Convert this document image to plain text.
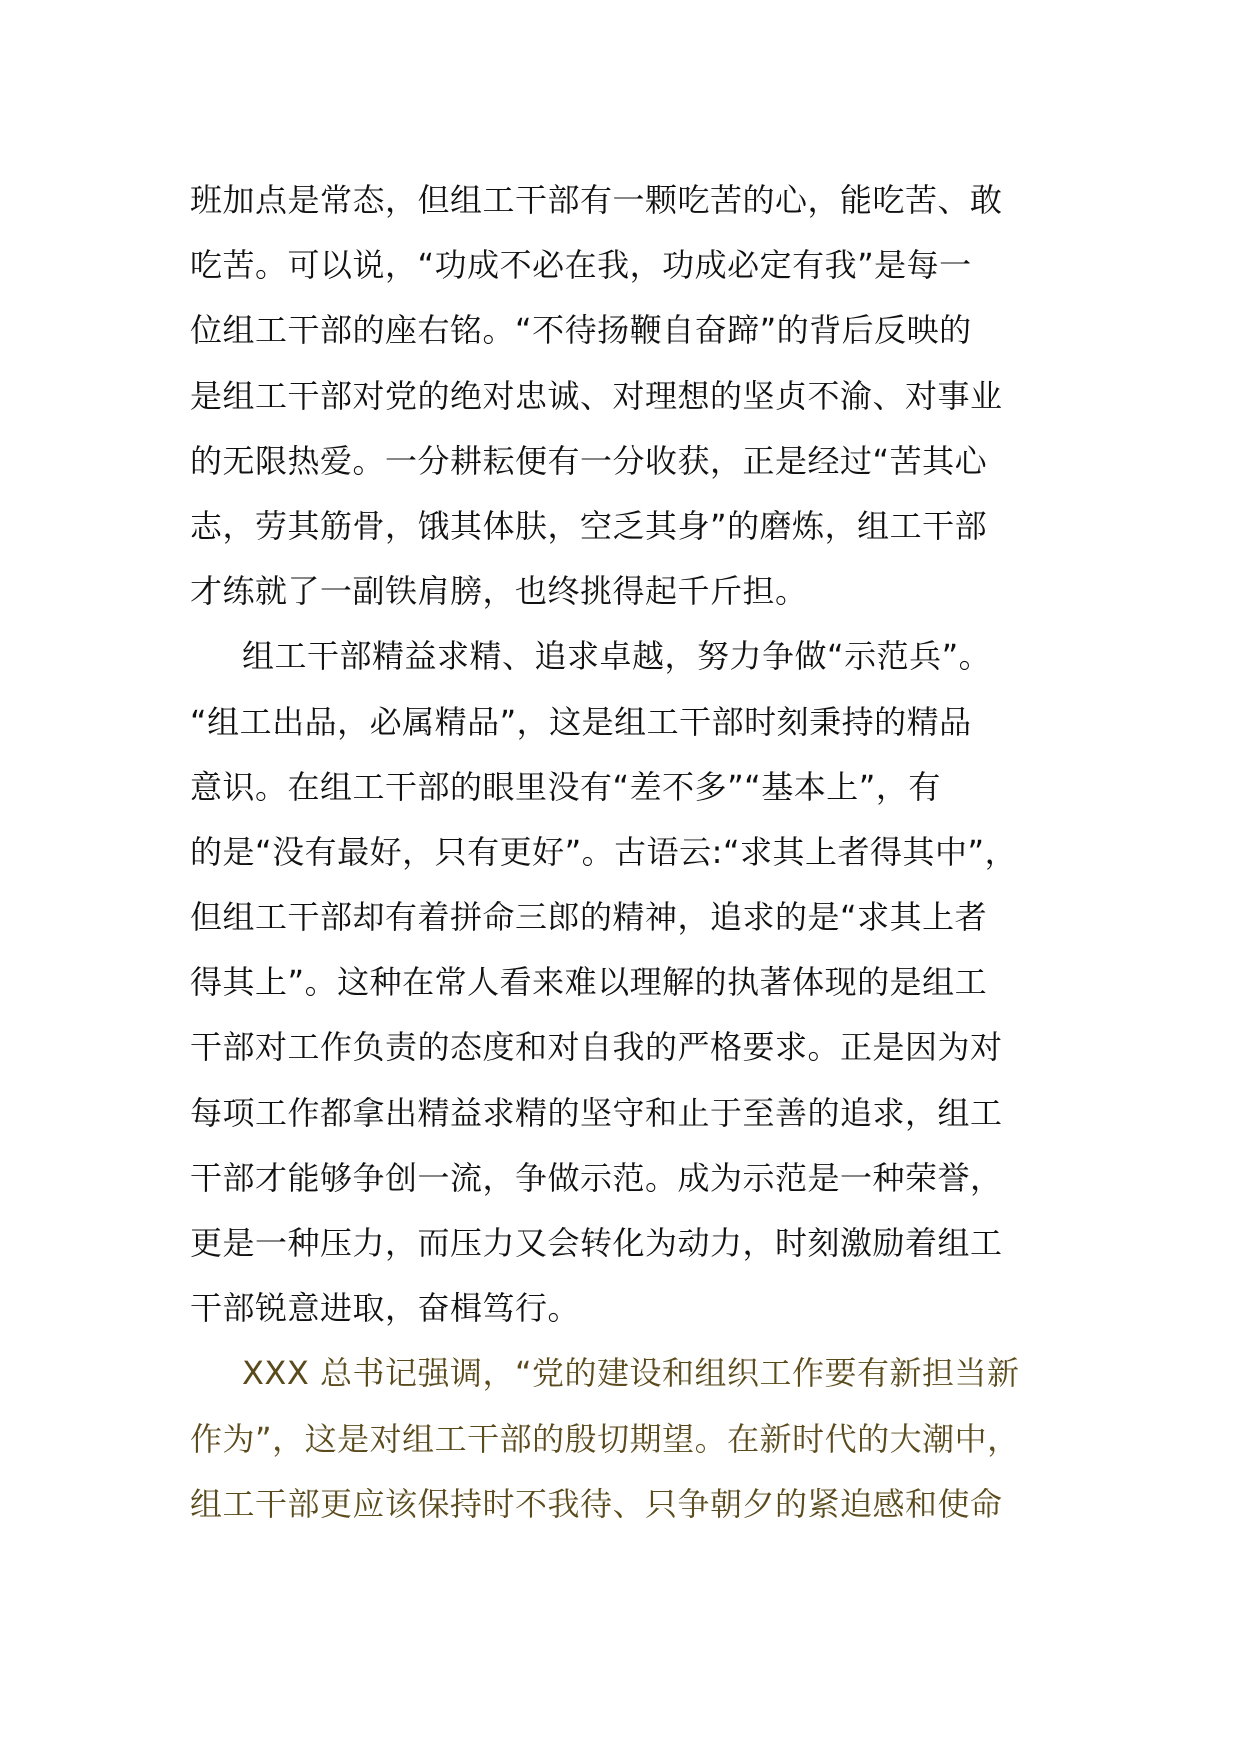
班加点是常态，但组工干部有一颗吃苦的心，能吃苦、敢
吃苦。可以说，“功成不必在我，功成必定有我”是每一
位组工干部的座右铭。“不待扬鞭自奋蹄”的背后反映的
是组工干部对党的绝对忠诚、对理想的坚贞不渝、对事业
的无限热爱。一分耕耘便有一分收获，正是经过“苦其心
志，劳其筋骨，饿其体肤，空乏其身”的磨炼，组工干部
才练就了一副铁肩膀，也终挑得起千斤担。
组工干部精益求精、追求卓越，努力争做“示范兵”。
“组工出品，必属精品”，这是组工干部时刻秉持的精品
意识。在组工干部的眼里没有“差不多”“基本上”，有
的是“没有最好，只有更好”。古语云:“求其上者得其中”，
但组工干部却有着拼命三郎的精神，追求的是“求其上者
得其上”。这种在常人看来难以理解的执著体现的是组工
干部对工作负责的态度和对自我的严格要求。正是因为对
每项工作都拿出精益求精的坚守和止于至善的追求，组工
干部才能够争创一流，争做示范。成为示范是一种荣誉，
更是一种压力，而压力又会转化为动力，时刻激励着组工
干部锐意进取，奋楫笃行。
XXX 总书记强调，“党的建设和组织工作要有新担当新
作为”，这是对组工干部的殷切期望。在新时代的大潮中，
组工干部更应该保持时不我待、只争朝夕的紧迫感和使命
